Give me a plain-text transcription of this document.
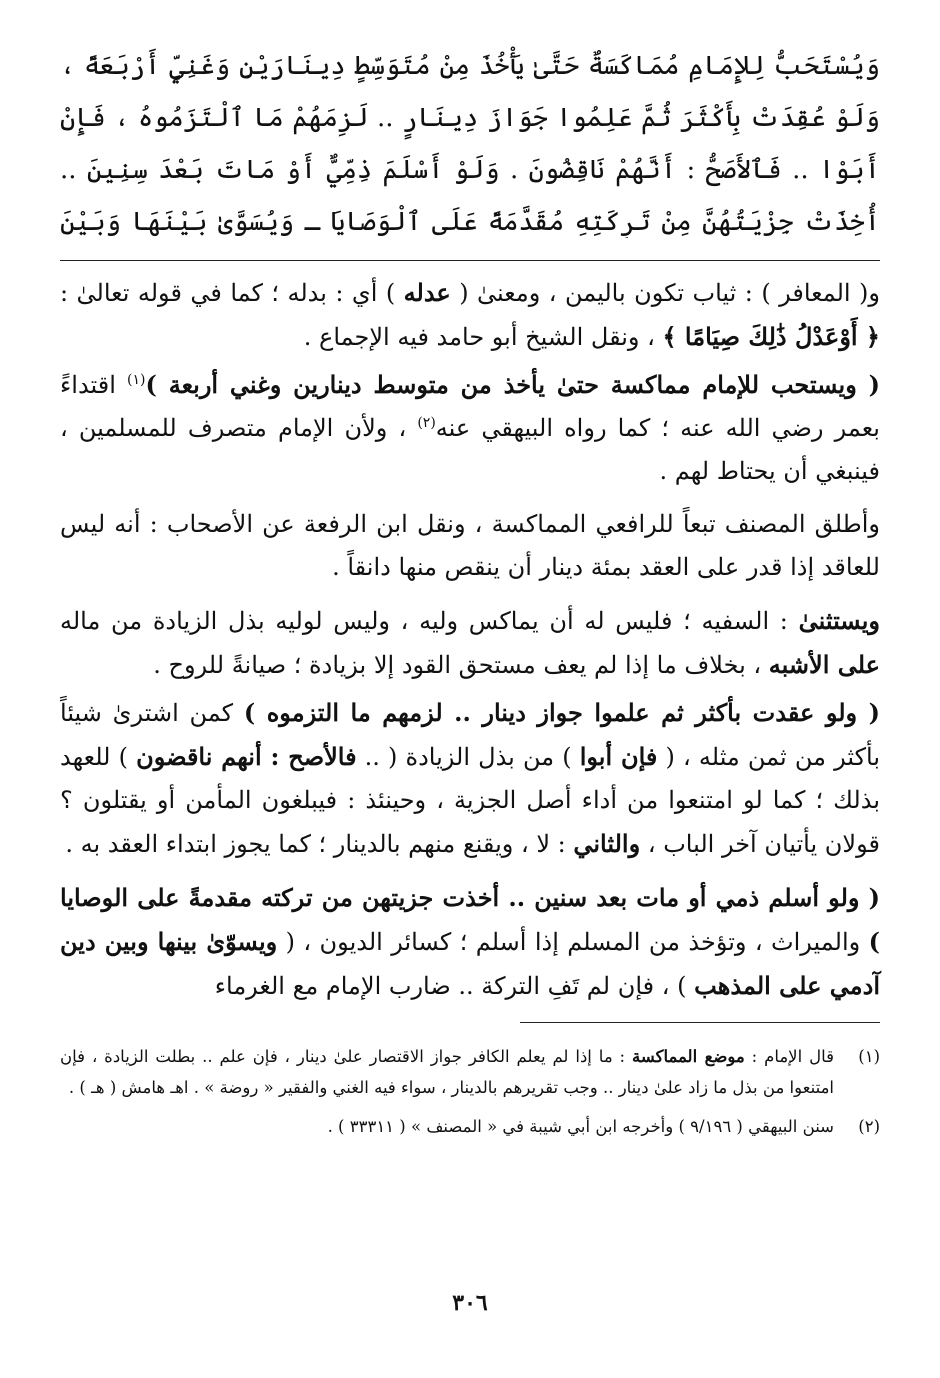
وَيُسْتَحَبُّ لِلإِمَامِ مُمَاكَسَةٌ حَتَّىٰ يَأْخُذَ مِنْ مُتَوَسِّطٍ دِينَارَيْنِ وَغَنِيٍّ أَرْبَعَةً ، وَلَوْ عُقِدَتْ بِأَكْثَرَ ثُمَّ عَلِمُوا جَوَازَ دِينَارٍ .. لَزِمَهُمْ مَا ٱلْتَزَمُوهُ ، فَإِنْ أَبَوْا .. فَٱلأَصَحُّ : أَنَّهُمْ نَاقِضُونَ . وَلَوْ أَسْلَمَ ذِمِّيٌّ أَوْ مَاتَ بَعْدَ سِنِينَ .. أُخِذَتْ جِزْيَتُهُنَّ مِنْ تَرِكَتِهِ مُقَدَّمَةً عَلَى ٱلْوَصَايَا ـ وَيُسَوَّىٰ بَيْنَهَا وَبَيْنَ

و( المعافر ) : ثياب تكون باليمن ، ومعنىٰ ( عدله ) أي : بدله ؛ كما في قوله تعالىٰ : ﴿ أَوْعَدْلُ ذَٰلِكَ صِيَامًا ﴾ ، ونقل الشيخ أبو حامد فيه الإجماع .

( ويستحب للإمام مماكسة حتىٰ يأخذ من متوسط دينارين وغني أربعة )$^{(١)}$ اقتداءً بعمر رضي الله عنه ؛ كما رواه البيهقي عنه$^{(٢)}$ ، ولأن الإمام متصرف للمسلمين ، فينبغي أن يحتاط لهم .

وأطلق المصنف تبعاً للرافعي المماكسة ، ونقل ابن الرفعة عن الأصحاب : أنه ليس للعاقد إذا قدر على العقد بمئة دينار أن ينقص منها دانقاً .

ويستثنىٰ : السفيه ؛ فليس له أن يماكس وليه ، وليس لوليه بذل الزيادة من ماله على الأشبه ، بخلاف ما إذا لم يعف مستحق القود إلا بزيادة ؛ صيانةً للروح .

( ولو عقدت بأكثر ثم علموا جواز دينار .. لزمهم ما التزموه ) كمن اشترىٰ شيئاً بأكثر من ثمن مثله ، ( فإن أبوا ) من بذل الزيادة ( .. فالأصح : أنهم ناقضون ) للعهد بذلك ؛ كما لو امتنعوا من أداء أصل الجزية ، وحينئذ : فيبلغون المأمن أو يقتلون ؟ قولان يأتيان آخر الباب ، والثاني : لا ، ويقنع منهم بالدينار ؛ كما يجوز ابتداء العقد به .

( ولو أسلم ذمي أو مات بعد سنين .. أخذت جزيتهن من تركته مقدمةً على الوصايا ) والميراث ، وتؤخذ من المسلم إذا أسلم ؛ كسائر الديون ، ( ويسوّىٰ بينها وبين دين آدمي على المذهب ) ، فإن لم تَفِ التركة .. ضارب الإمام مع الغرماء

(١)
قال الإمام : موضع المماكسة : ما إذا لم يعلم الكافر جواز الاقتصار علىٰ دينار ، فإن علم .. بطلت الزيادة ، فإن امتنعوا من بذل ما زاد علىٰ دينار .. وجب تقريرهم بالدينار ، سواء فيه الغني والفقير « روضة » . اهـ هامش ( هـ ) .
(٢)
سنن البيهقي ( ٩/١٩٦ ) وأخرجه ابن أبي شيبة في « المصنف » ( ٣٣٣١١ ) .
٣٠٦
